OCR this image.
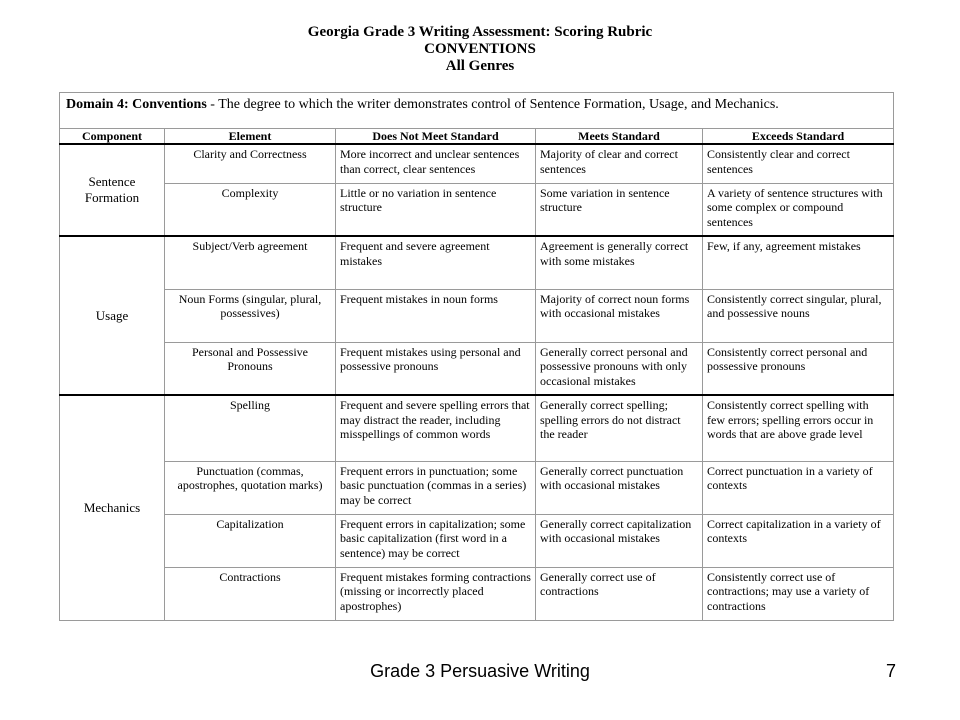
Georgia Grade 3 Writing Assessment: Scoring Rubric
CONVENTIONS
All Genres
Domain 4: Conventions - The degree to which the writer demonstrates control of Sentence Formation, Usage, and Mechanics.				
Component	Element	Does Not Meet Standard	Meets Standard	Exceeds Standard
Sentence Formation	Clarity and Correctness	More incorrect and unclear sentences than correct, clear sentences	Majority of clear and correct sentences	Consistently clear and correct sentences
	Complexity	Little or no variation in sentence structure	Some variation in sentence structure	A variety of sentence structures with some complex or compound sentences
Usage	Subject/Verb agreement	Frequent and severe agreement mistakes	Agreement is generally correct with some mistakes	Few, if any, agreement mistakes
	Noun Forms (singular, plural, possessives)	Frequent mistakes in noun forms	Majority of correct noun forms with occasional mistakes	Consistently correct singular, plural, and possessive nouns
	Personal and Possessive Pronouns	Frequent mistakes using personal and possessive pronouns	Generally correct personal and possessive pronouns with only occasional mistakes	Consistently correct personal and possessive pronouns
Mechanics	Spelling	Frequent and severe spelling errors that may distract the reader, including misspellings of common words	Generally correct spelling; spelling errors do not distract the reader	Consistently correct spelling with few errors; spelling errors occur in words that are above grade level
	Punctuation (commas, apostrophes, quotation marks)	Frequent errors in punctuation; some basic punctuation (commas in a series) may be correct	Generally correct punctuation with occasional mistakes	Correct punctuation in a variety of contexts
	Capitalization	Frequent errors in capitalization; some basic capitalization (first word in a sentence) may be correct	Generally correct capitalization with occasional mistakes	Correct capitalization in a variety of contexts
	Contractions	Frequent mistakes forming contractions (missing or incorrectly placed apostrophes)	Generally correct use of contractions	Consistently correct use of contractions; may use a variety of contractions
Grade 3 Persuasive Writing	7
